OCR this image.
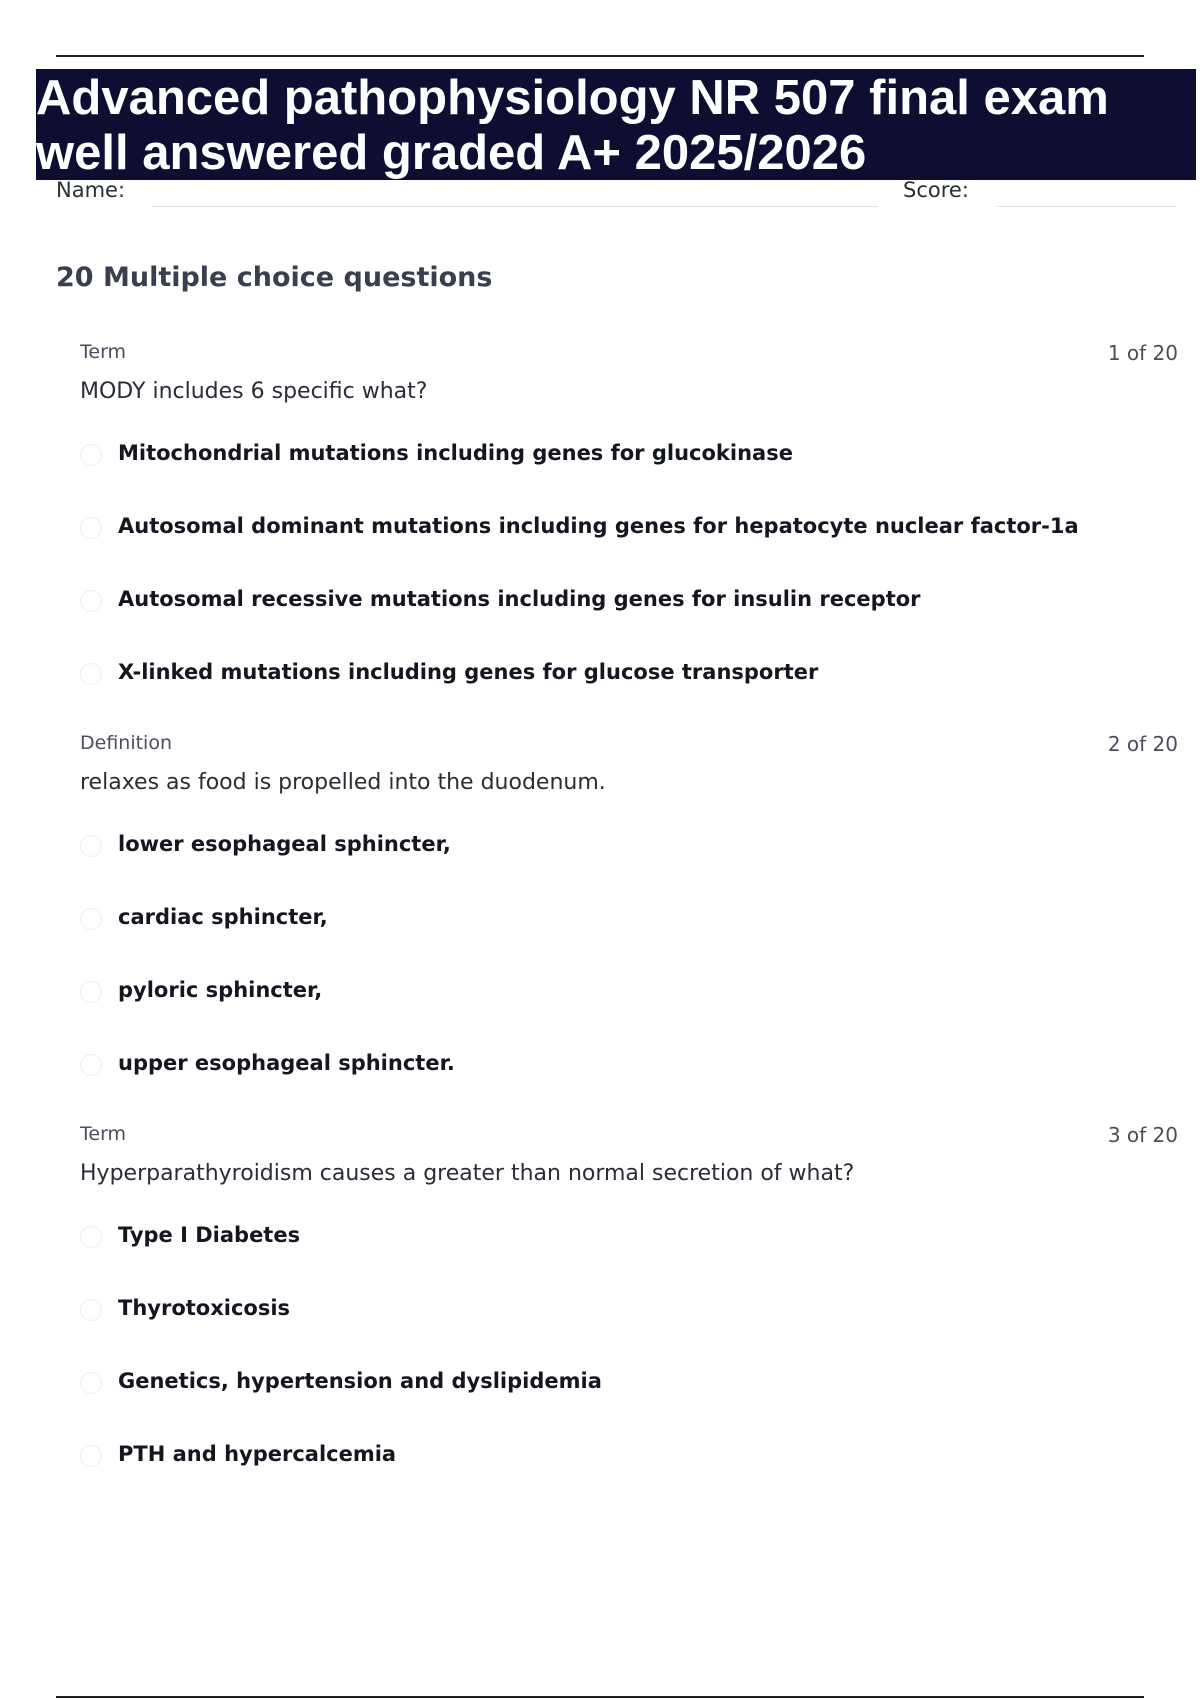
Advanced pathophysiology NR 507 final exam
well answered graded A+ 2025/2026
Name:	Score:
20 Multiple choice questions
Term	1 of 20
MODY includes 6 specific what?
Mitochondrial mutations including genes for glucokinase
Autosomal dominant mutations including genes for hepatocyte nuclear factor-1a
Autosomal recessive mutations including genes for insulin receptor
X-linked mutations including genes for glucose transporter
Definition	2 of 20
relaxes as food is propelled into the duodenum.
lower esophageal sphincter,
cardiac sphincter,
pyloric sphincter,
upper esophageal sphincter.
Term	3 of 20
Hyperparathyroidism causes a greater than normal secretion of what?
Type I Diabetes
Thyrotoxicosis
Genetics, hypertension and dyslipidemia
PTH and hypercalcemia
